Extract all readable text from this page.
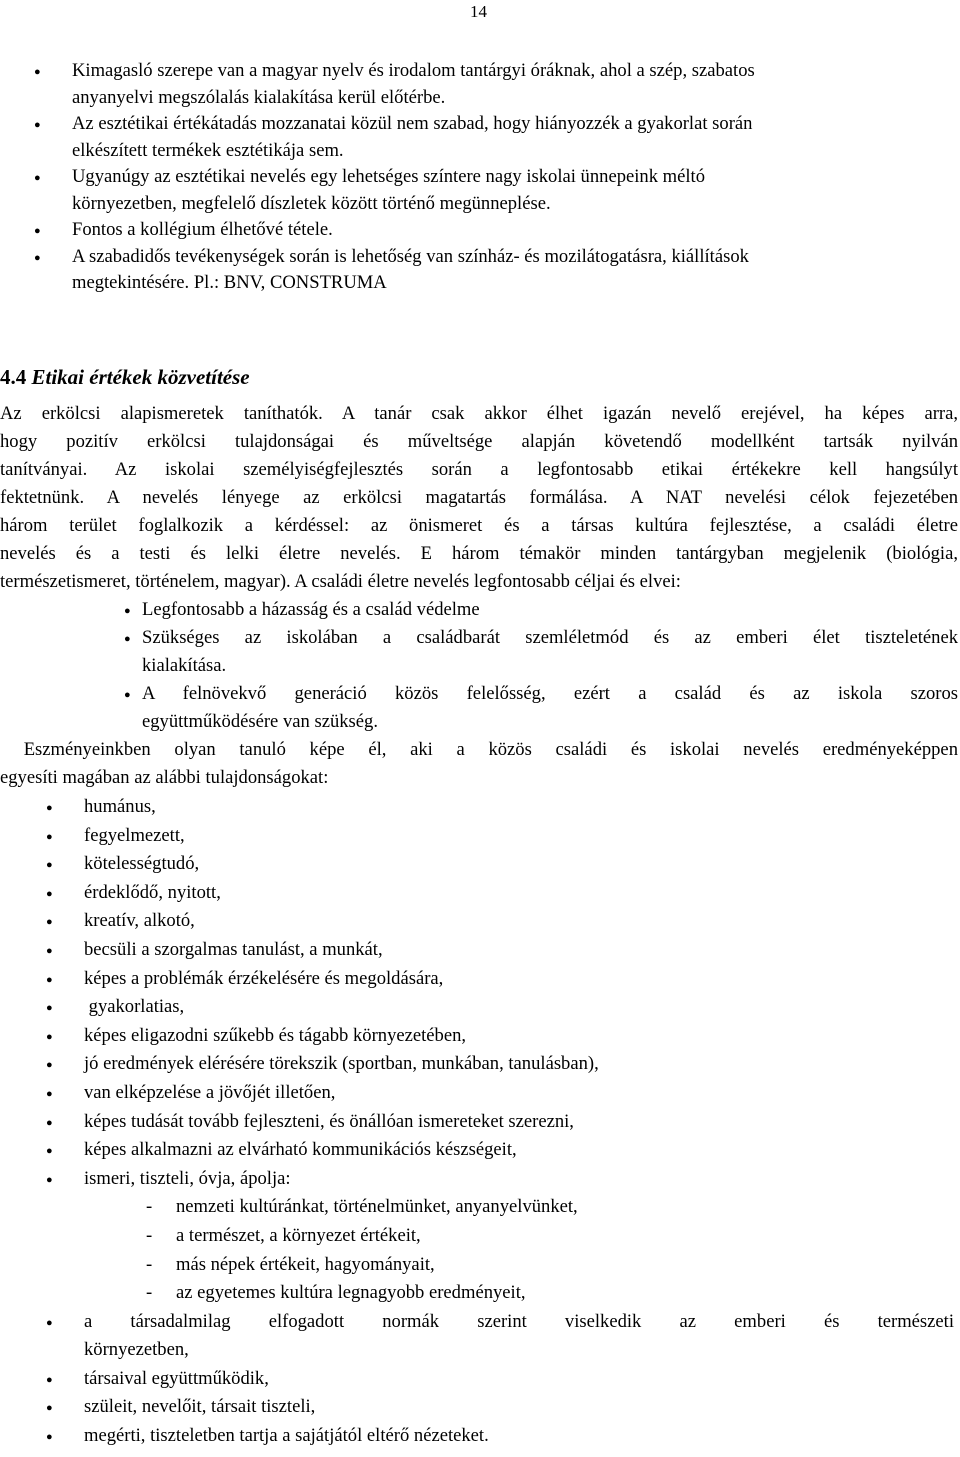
14
● Kimagasló szerepe van a magyar nyelv és irodalom tantárgyi óráknak, ahol a szép, szabatos
anyanyelvi megszólalás kialakítása kerül előtérbe.
● Az esztétikai értékátadás mozzanatai közül nem szabad, hogy hiányozzék a gyakorlat során
elkészített termékek esztétikája sem.
● Ugyanúgy az esztétikai nevelés egy lehetséges színtere nagy iskolai ünnepeink méltó
környezetben, megfelelő díszletek között történő megünneplése.
● Fontos a kollégium élhetővé tétele.
● A szabadidős tevékenységek során is lehetőség van színház- és mozilátogatásra, kiállítások
megtekintésére. Pl.: BNV, CONSTRUMA
4.4 Etikai értékek közvetítése

Az erkölcsi alapismeretek taníthatók. A tanár csak akkor élhet igazán nevelő erejével, ha képes arra,
hogy pozitív erkölcsi tulajdonságai és műveltsége alapján követendő modellként tartsák nyilván
tanítványai. Az iskolai személyiségfejlesztés során a legfontosabb etikai értékekre kell hangsúlyt
fektetnünk. A nevelés lényege az erkölcsi magatartás formálása. A NAT nevelési célok fejezetében
három terület foglalkozik a kérdéssel: az önismeret és a társas kultúra fejlesztése, a családi életre
nevelés és a testi és lelki életre nevelés. E három témakör minden tantárgyban megjelenik (biológia,
természetismeret, történelem, magyar). A családi életre nevelés legfontosabb céljai és elvei:

● Legfontosabb a házasság és a család védelme
● Szükséges az iskolában a családbarát szemléletmód és az emberi élet tiszteletének
kialakítása.
● A felnövekvő generáció közös felelősség, ezért a család és az iskola szoros
együttműködésére van szükség.

Eszményeinkben olyan tanuló képe él, aki a közös családi és iskolai nevelés eredményeképpen
egyesíti magában az alábbi tulajdonságokat:

● humánus,
● fegyelmezett,
● kötelességtudó,
● érdeklődő, nyitott,
● kreatív, alkotó,
● becsüli a szorgalmas tanulást, a munkát,
● képes a problémák érzékelésére és megoldására,
●  gyakorlatias,
● képes eligazodni szűkebb és tágabb környezetében,
● jó eredmények elérésére törekszik (sportban, munkában, tanulásban),
● van elképzelése a jövőjét illetően,
● képes tudását tovább fejleszteni, és önállóan ismereteket szerezni,
● képes alkalmazni az elvárható kommunikációs készségeit,
● ismeri, tiszteli, óvja, ápolja:
- nemzeti kultúránkat, történelmünket, anyanyelvünket,
- a természet, a környezet értékeit,
- más népek értékeit, hagyományait,
- az egyetemes kultúra legnagyobb eredményeit,
● a társadalmilag elfogadott normák szerint viselkedik az emberi és természeti
környezetben,
● társaival együttműködik,
● szüleit, nevelőit, társait tiszteli,
● megérti, tiszteletben tartja a sajátjától eltérő nézeteket.
